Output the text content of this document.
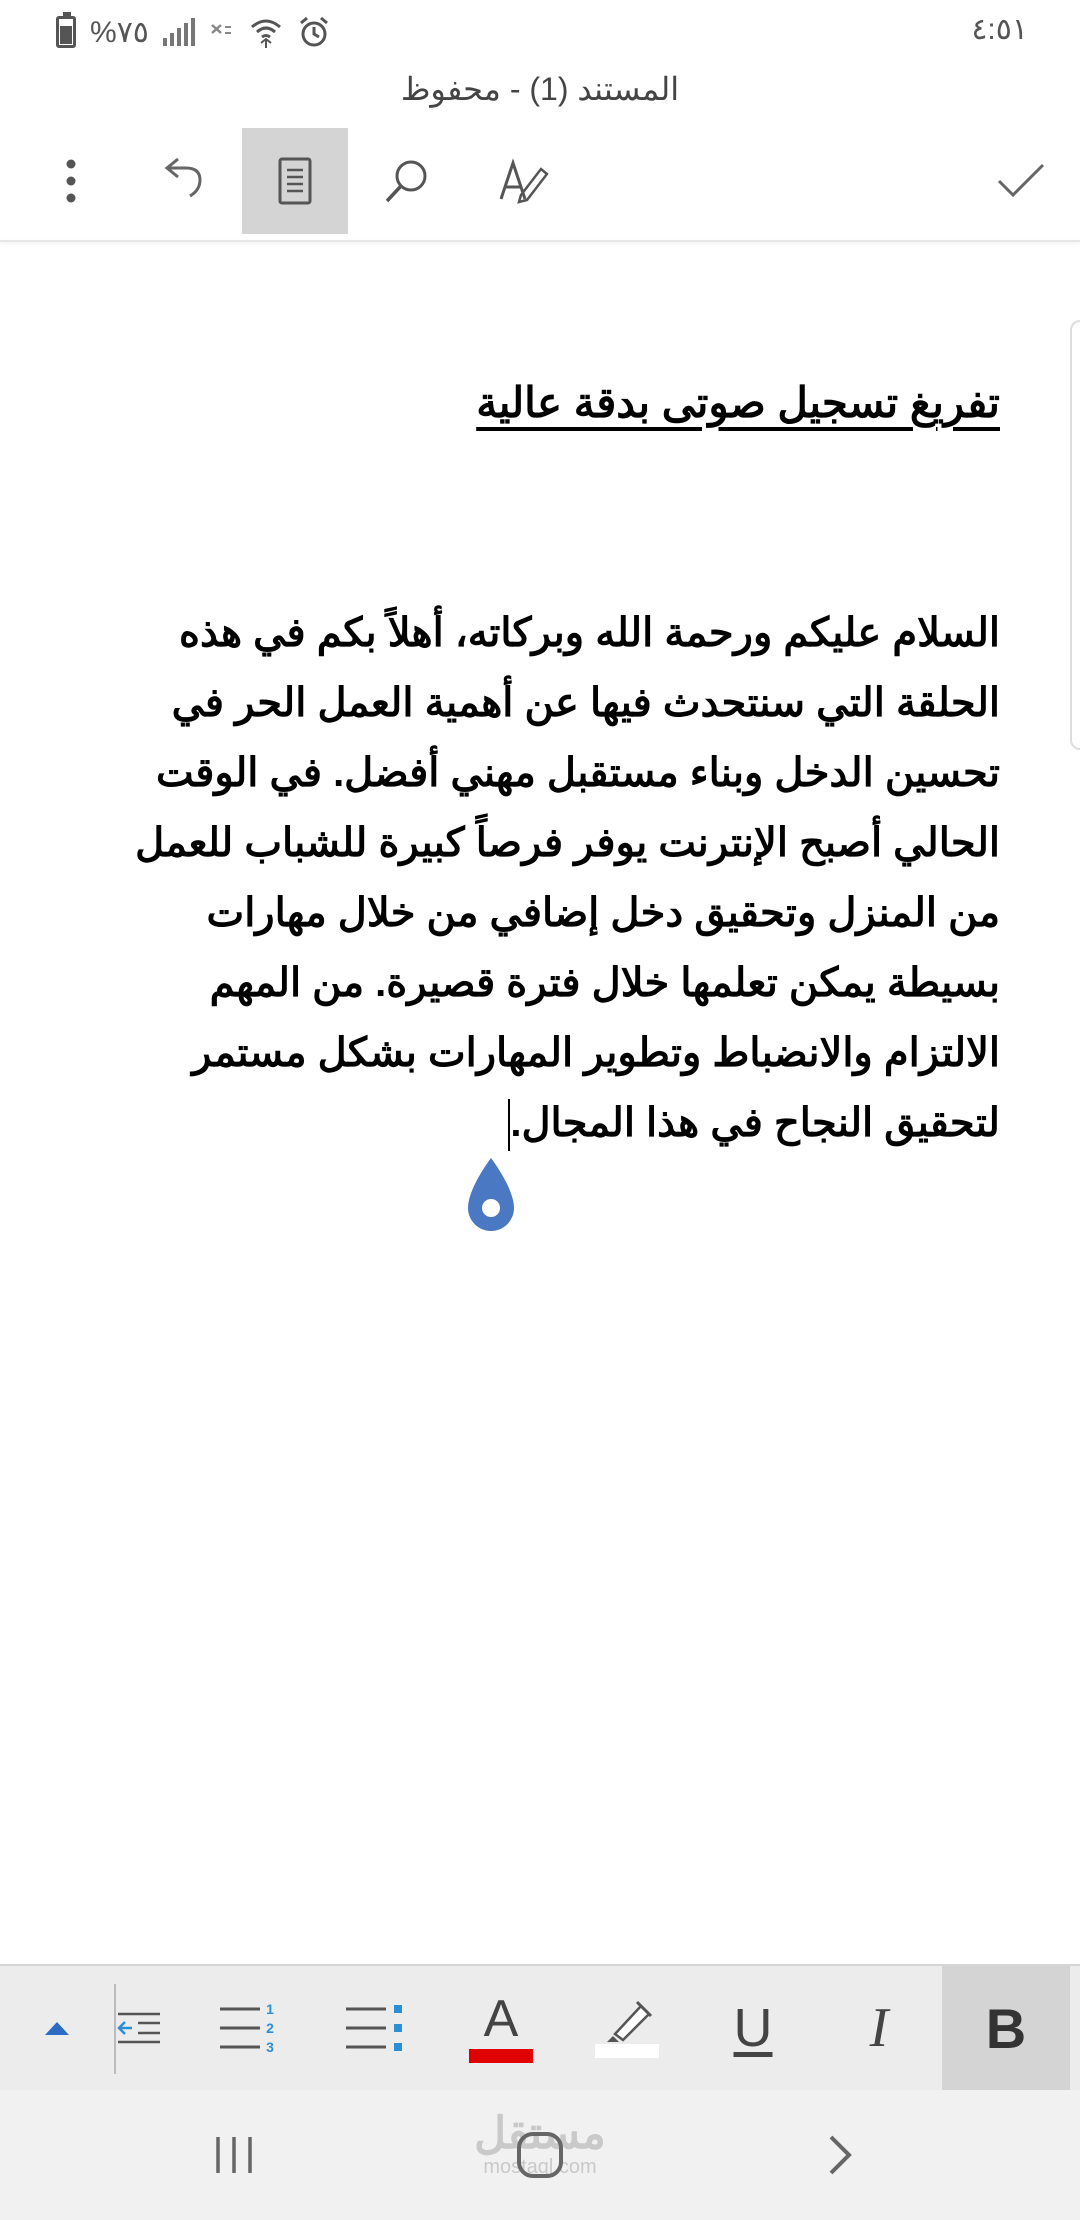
%٧٥	٤:٥١
المستند (1) - محفوظ
تفريغ تسجيل صوتى بدقة عالية
السلام عليكم ورحمة الله وبركاته، أهلاً بكم في هذه
الحلقة التي سنتحدث فيها عن أهمية العمل الحر في
تحسين الدخل وبناء مستقبل مهني أفضل. في الوقت
الحالي أصبح الإنترنت يوفر فرصاً كبيرة للشباب للعمل
من المنزل وتحقيق دخل إضافي من خلال مهارات
بسيطة يمكن تعلمها خلال فترة قصيرة. من المهم
الالتزام والانضباط وتطوير المهارات بشكل مستمر
لتحقيق النجاح في هذا المجال.
1
2
3	A	U I B
مستقل
mostaql.com
